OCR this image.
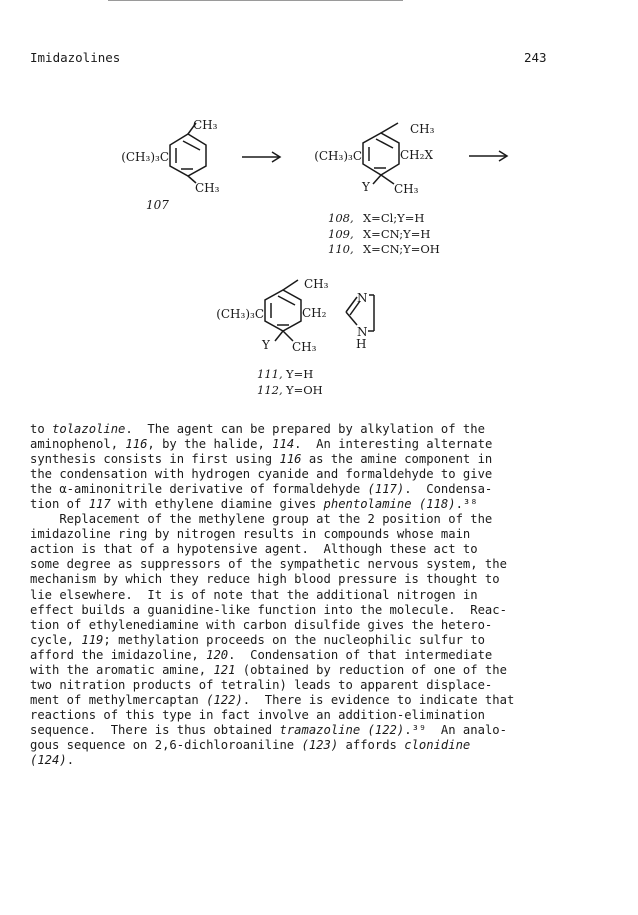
Imidazolines	243
CH₃
(CH₃)₃C
CH₃
107
CH₃
(CH₃)₃C	CH₂X
Y CH₃
108, X=Cl;Y=H
109, X=CN;Y=H
110, X=CN;Y=OH
CH₃
(CH₃)₃C	CH₂
N
N
H
Y CH₃
111, Y=H
112, Y=OH

to tolazoline.  The agent can be prepared by alkylation of the

aminophenol, 116, by the halide, 114.  An interesting alternate

synthesis consists in first using 116 as the amine component in

the condensation with hydrogen cyanide and formaldehyde to give

the α-aminonitrile derivative of formaldehyde (117).  Condensa-

tion of 117 with ethylene diamine gives phentolamine (118).³⁸

Replacement of the methylene group at the 2 position of the

imidazoline ring by nitrogen results in compounds whose main

action is that of a hypotensive agent.  Although these act to

some degree as suppressors of the sympathetic nervous system, the

mechanism by which they reduce high blood pressure is thought to

lie elsewhere.  It is of note that the additional nitrogen in

effect builds a guanidine-like function into the molecule.  Reac-

tion of ethylenediamine with carbon disulfide gives the hetero-

cycle, 119; methylation proceeds on the nucleophilic sulfur to

afford the imidazoline, 120.  Condensation of that intermediate

with the aromatic amine, 121 (obtained by reduction of one of the

two nitration products of tetralin) leads to apparent displace-

ment of methylmercaptan (122).  There is evidence to indicate that

reactions of this type in fact involve an addition-elimination

sequence.  There is thus obtained tramazoline (122).³⁹  An analo-

gous sequence on 2,6-dichloroaniline (123) affords clonidine

(124).
